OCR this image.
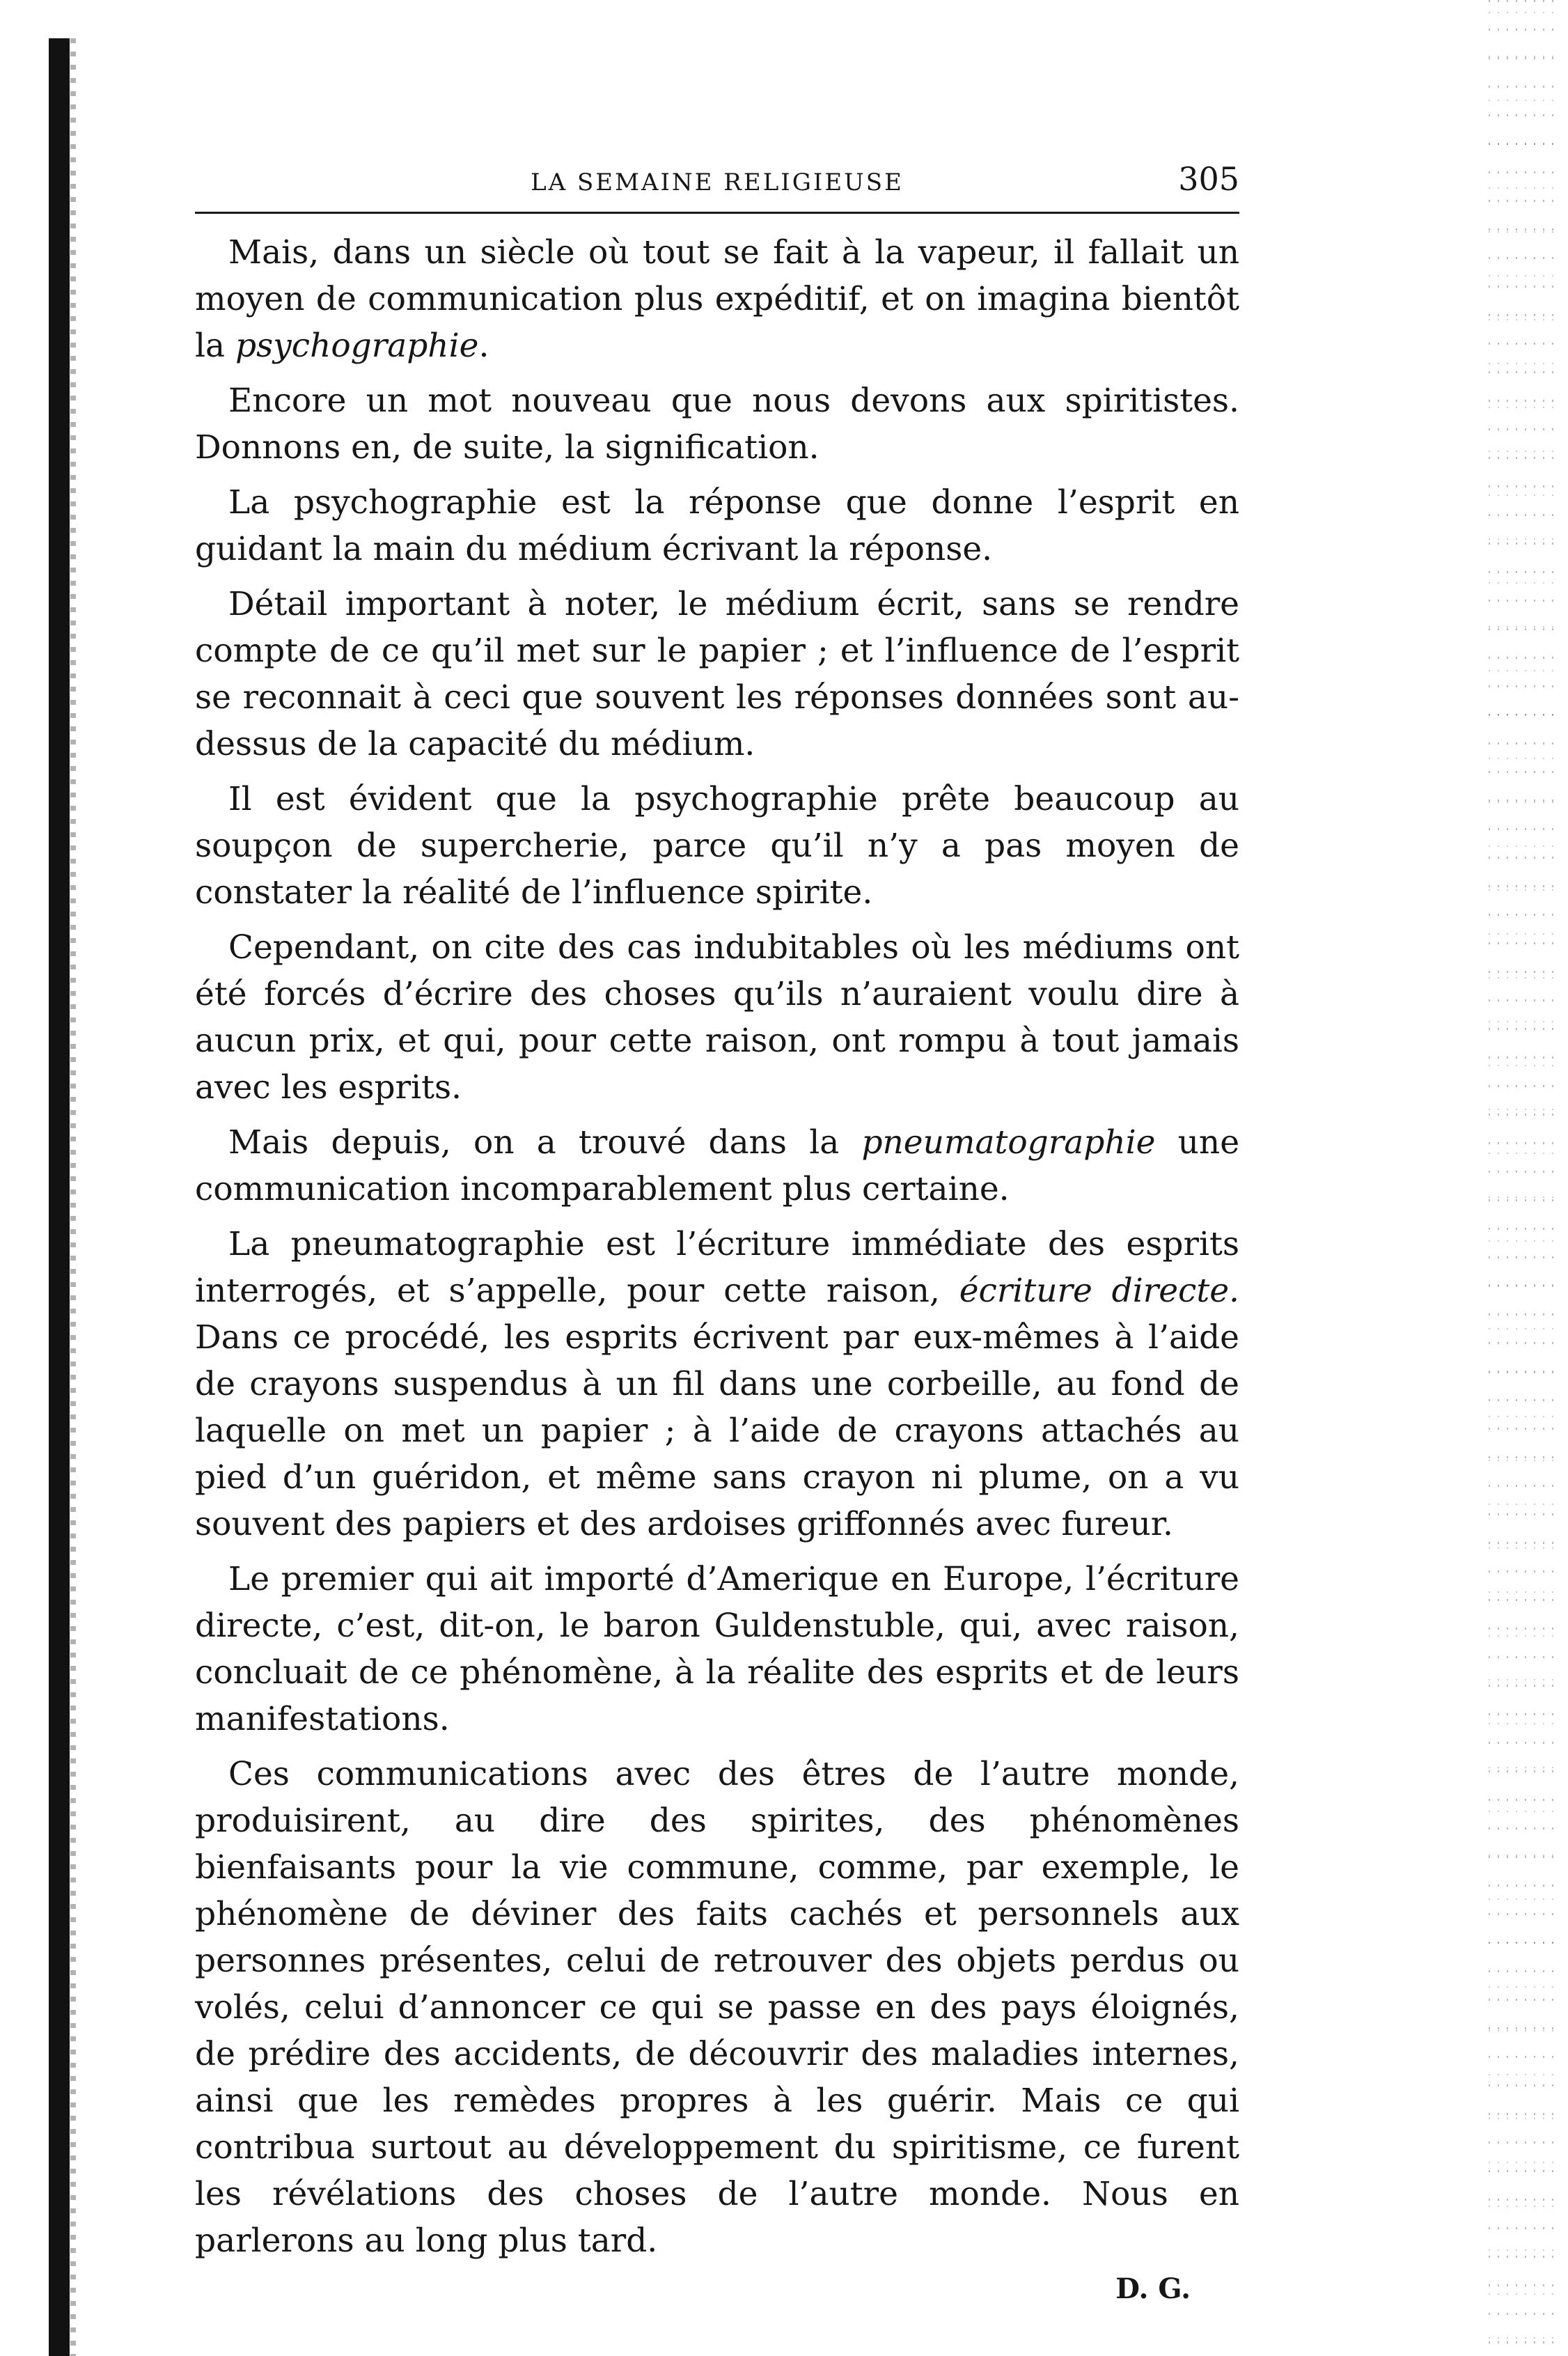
LA SEMAINE RELIGIEUSE	305

Mais, dans un siècle où tout se fait à la vapeur, il fallait un moyen de communication plus expéditif, et on imagina bientôt la psychographie.

Encore un mot nouveau que nous devons aux spiritistes. Donnons en, de suite, la signification.

La psychographie est la réponse que donne l’esprit en guidant la main du médium écrivant la réponse.

Détail important à noter, le médium écrit, sans se rendre compte de ce qu’il met sur le papier ; et l’influence de l’esprit se reconnait à ceci que souvent les réponses données sont au-dessus de la capacité du médium.

Il est évident que la psychographie prête beaucoup au soupçon de supercherie, parce qu’il n’y a pas moyen de constater la réalité de l’influence spirite.

Cependant, on cite des cas indubitables où les médiums ont été forcés d’écrire des choses qu’ils n’auraient voulu dire à aucun prix, et qui, pour cette raison, ont rompu à tout jamais avec les esprits.

Mais depuis, on a trouvé dans la pneumatographie une communication incomparablement plus certaine.

La pneumatographie est l’écriture immédiate des esprits interrogés, et s’appelle, pour cette raison, écriture directe. Dans ce procédé, les esprits écrivent par eux-mêmes à l’aide de crayons suspendus à un fil dans une corbeille, au fond de laquelle on met un papier ; à l’aide de crayons attachés au pied d’un guéridon, et même sans crayon ni plume, on a vu souvent des papiers et des ardoises griffonnés avec fureur.

Le premier qui ait importé d’Amerique en Europe, l’écriture directe, c’est, dit-on, le baron Guldenstuble, qui, avec raison, concluait de ce phénomène, à la réalite des esprits et de leurs manifestations.

Ces communications avec des êtres de l’autre monde, produisirent, au dire des spirites, des phénomènes bienfaisants pour la vie commune, comme, par exemple, le phénomène de déviner des faits cachés et personnels aux personnes présentes, celui de retrouver des objets perdus ou volés, celui d’annoncer ce qui se passe en des pays éloignés, de prédire des accidents, de découvrir des maladies internes, ainsi que les remèdes propres à les guérir. Mais ce qui contribua surtout au développement du spiritisme, ce furent les révélations des choses de l’autre monde. Nous en parlerons au long plus tard.

D. G.
